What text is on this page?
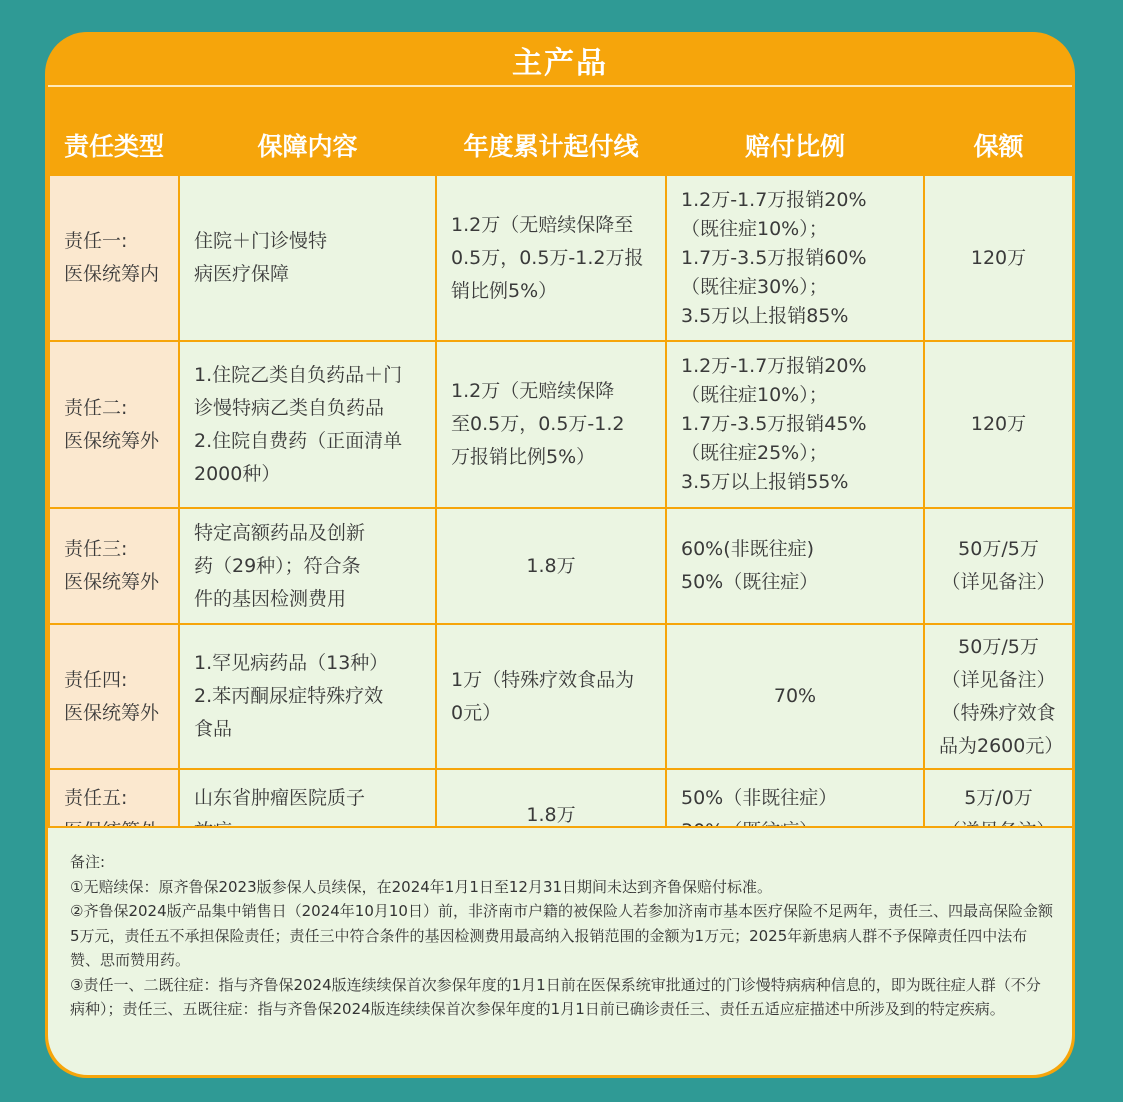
主产品
责任类型	保障内容	年度累计起付线	赔付比例	保额

责任一:
医保统筹内	住院＋门诊慢特
病医疗保障	1.2万（无赔续保降至
0.5万，0.5万-1.2万报
销比例5%）	1.2万-1.7万报销20%
（既往症10%）；
1.7万-3.5万报销60%
（既往症30%）；
3.5万以上报销85%	120万

责任二:
医保统筹外	1.住院乙类自负药品＋门
诊慢特病乙类自负药品
2.住院自费药（正面清单
2000种）	1.2万（无赔续保降
至0.5万，0.5万-1.2
万报销比例5%）	1.2万-1.7万报销20%
（既往症10%）；
1.7万-3.5万报销45%
（既往症25%）；
3.5万以上报销55%	120万

责任三:
医保统筹外	特定高额药品及创新
药（29种）；符合条
件的基因检测费用	1.8万	60%(非既往症)
50%（既往症）	50万/5万
（详见备注）

责任四:
医保统筹外	1.罕见病药品（13种）
2.苯丙酮尿症特殊疗效
食品	1万（特殊疗效食品为
0元）	70%	50万/5万
（详见备注）
（特殊疗效食
品为2600元）

责任五:	山东省肿瘤医院质子	1.8万	50%（非既往症）	5万/0万

备注:

①无赔续保：原齐鲁保2023版参保人员续保，在2024年1月1日至12月31日期间未达到齐鲁保赔付标准。

②齐鲁保2024版产品集中销售日（2024年10月10日）前，非济南市户籍的被保险人若参加济南市基本医疗保险不足两年，责任三、四最高保险金额5万元，责任五不承担保险责任；责任三中符合条件的基因检测费用最高纳入报销范围的金额为1万元；2025年新患病人群不予保障责任四中法布赞、思而赞用药。

③责任一、二既往症：指与齐鲁保2024版连续续保首次参保年度的1月1日前在医保系统审批通过的门诊慢特病病种信息的，即为既往症人群（不分病种）；责任三、五既往症：指与齐鲁保2024版连续续保首次参保年度的1月1日前已确诊责任三、责任五适应症描述中所涉及到的特定疾病。
